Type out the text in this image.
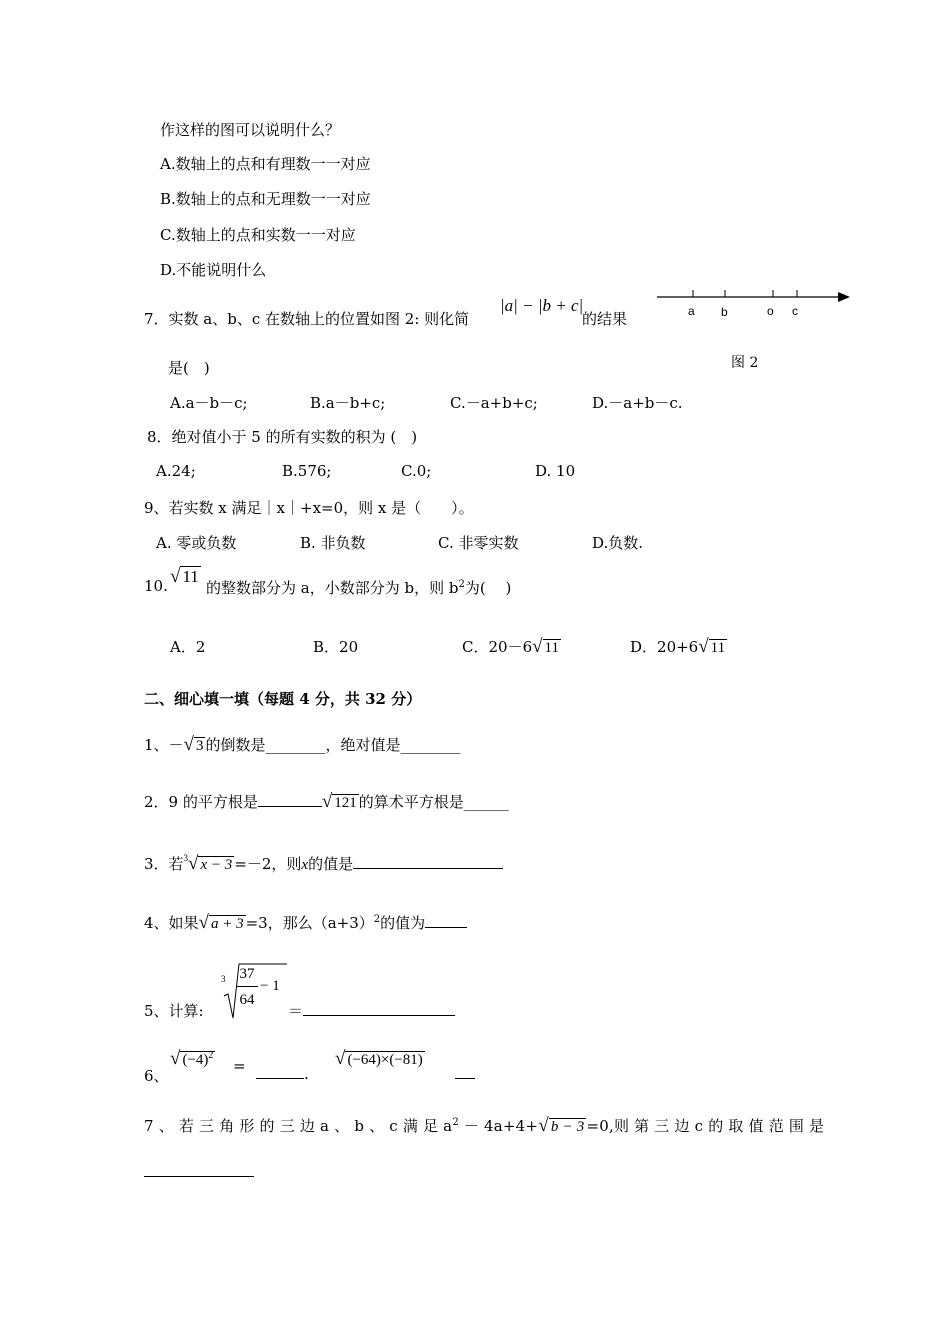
作这样的图可以说明什么？
A.数轴上的点和有理数一一对应
B.数轴上的点和无理数一一对应
C.数轴上的点和实数一一对应
D.不能说明什么
7．实数 a、b、c 在数轴上的位置如图 2: 则化简
|a| − |b + c|
的结果
是(　)
a b	o c
图 2
A.a－b－c;	B.a－b+c;	C.－a+b+c;	D.－a+b－c.
8．绝对值小于 5 的所有实数的积为 (　)
A.24;	B.576;	C.0;	D. 10
9、若实数 x 满足｜x｜+x=0，则 x 是（　　）。
A. 零或负数	B. 非负数	C. 非零实数	D.负数.
10. √ 11
的整数部分为 a，小数部分为 b，则 $b^2$为(　 )
A．2	B．20	C．20－6√ 11	D．20+6√ 11
二、细心填一填（每题 4 分，共 32 分）
1、－√ 3 的倒数是________，绝对值是________
2．9 的平方根是	√ 121 的算术平方根是______
3．若$^3$√ x − 3 =－2，则x的值是
4、如果√ a + 3 =3，那么$(a+3)^2$的值为
5、计算:
3 37
64
− 1
＝
6、
√ $(-4)^2$
=	.
√ (−64)×(−81)
7 、 若 三 角 形 的 三 边 a 、 b 、 c 满 足 $a^2 - 4a+4+√$ b − 3 =0,则 第 三 边 c 的 取 值 范 围 是
